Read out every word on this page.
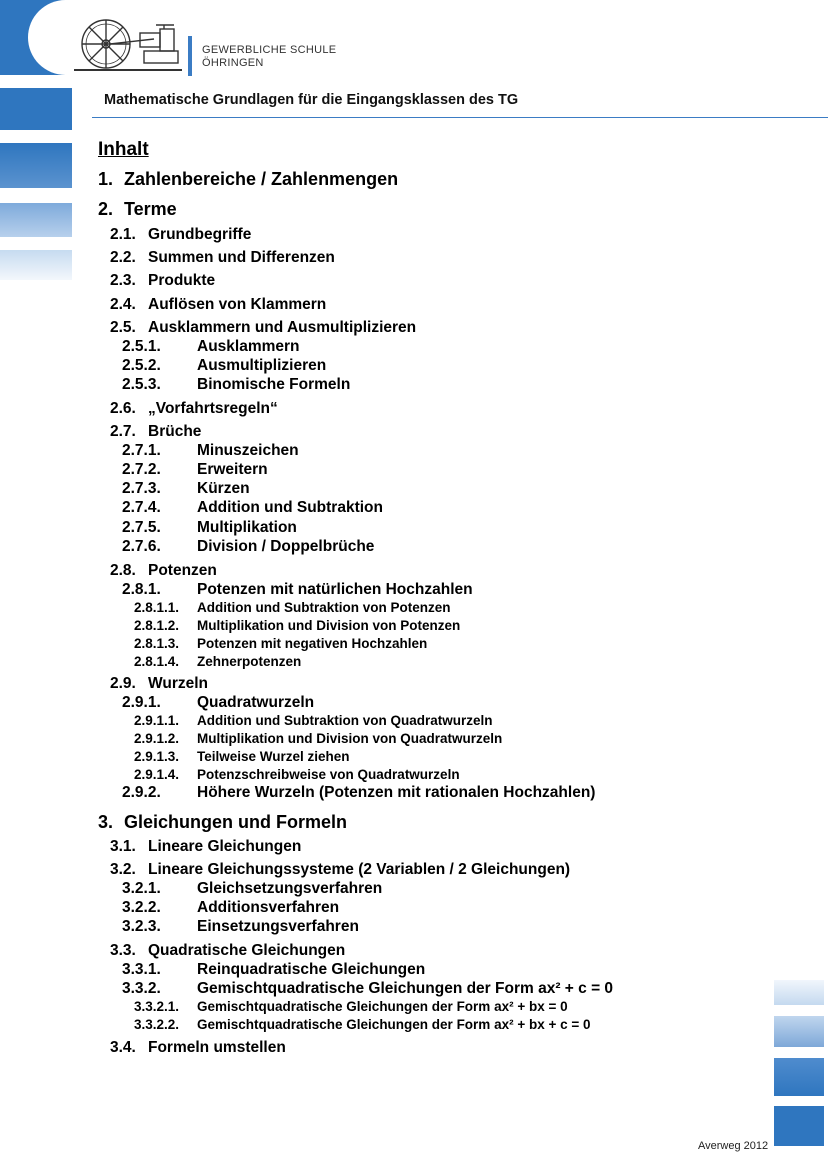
GEWERBLICHE SCHULE
ÖHRINGEN
Mathematische Grundlagen für die Eingangsklassen des TG
Inhalt
1. Zahlenbereiche / Zahlenmengen
2. Terme
2.1. Grundbegriffe
2.2. Summen und Differenzen
2.3. Produkte
2.4. Auflösen von Klammern
2.5. Ausklammern und Ausmultiplizieren
2.5.1. Ausklammern
2.5.2. Ausmultiplizieren
2.5.3. Binomische Formeln
2.6. „Vorfahrtsregeln“
2.7. Brüche
2.7.1. Minuszeichen
2.7.2. Erweitern
2.7.3. Kürzen
2.7.4. Addition und Subtraktion
2.7.5. Multiplikation
2.7.6. Division / Doppelbrüche
2.8. Potenzen
2.8.1. Potenzen mit natürlichen Hochzahlen
2.8.1.1. Addition und Subtraktion von Potenzen
2.8.1.2. Multiplikation und Division von Potenzen
2.8.1.3. Potenzen mit negativen Hochzahlen
2.8.1.4. Zehnerpotenzen
2.9. Wurzeln
2.9.1. Quadratwurzeln
2.9.1.1. Addition und Subtraktion von Quadratwurzeln
2.9.1.2. Multiplikation und Division von Quadratwurzeln
2.9.1.3. Teilweise Wurzel ziehen
2.9.1.4. Potenzschreibweise von Quadratwurzeln
2.9.2. Höhere Wurzeln (Potenzen mit rationalen Hochzahlen)
3. Gleichungen und Formeln
3.1. Lineare Gleichungen
3.2. Lineare Gleichungssysteme (2 Variablen / 2 Gleichungen)
3.2.1. Gleichsetzungsverfahren
3.2.2. Additionsverfahren
3.2.3. Einsetzungsverfahren
3.3. Quadratische Gleichungen
3.3.1. Reinquadratische Gleichungen
3.3.2. Gemischtquadratische Gleichungen der Form ax² + c = 0
3.3.2.1. Gemischtquadratische Gleichungen der Form ax² + bx = 0
3.3.2.2. Gemischtquadratische Gleichungen der Form ax² + bx + c = 0
3.4. Formeln umstellen
Averweg 2012
